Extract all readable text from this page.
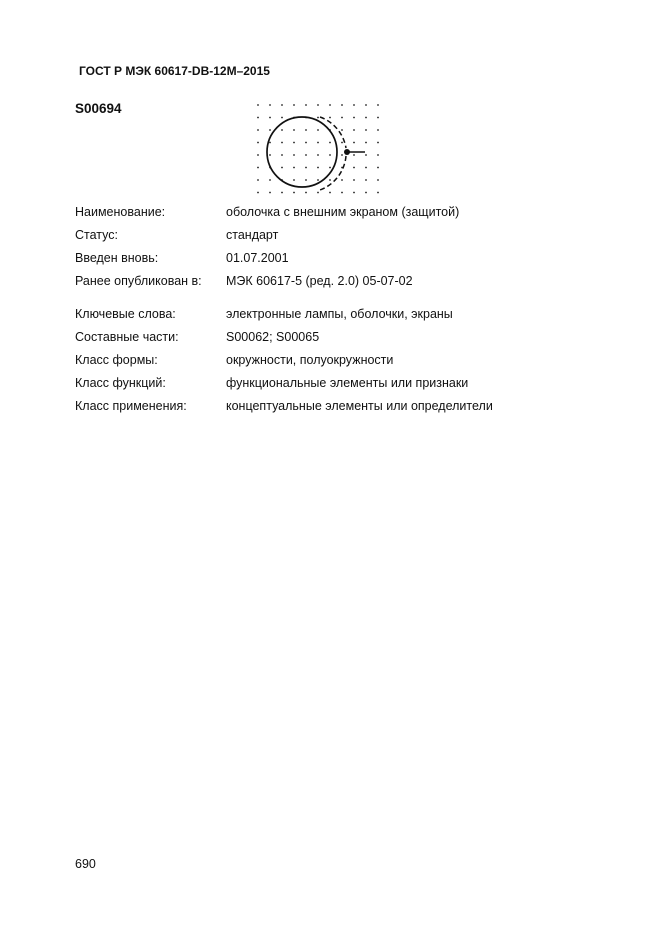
ГОСТ Р МЭК 60617-DB-12M–2015
S00694
Наименование:	оболочка с внешним экраном (защитой)
Статус:	стандарт
Введен вновь:	01.07.2001
Ранее опубликован в: МЭК 60617-5 (ред. 2.0) 05-07-02
Ключевые слова:	электронные лампы, оболочки, экраны
Составные части:	S00062; S00065
Класс формы:	окружности, полуокружности
Класс функций:	функциональные элементы или признаки
Класс применения:	концептуальные элементы или определители
690
